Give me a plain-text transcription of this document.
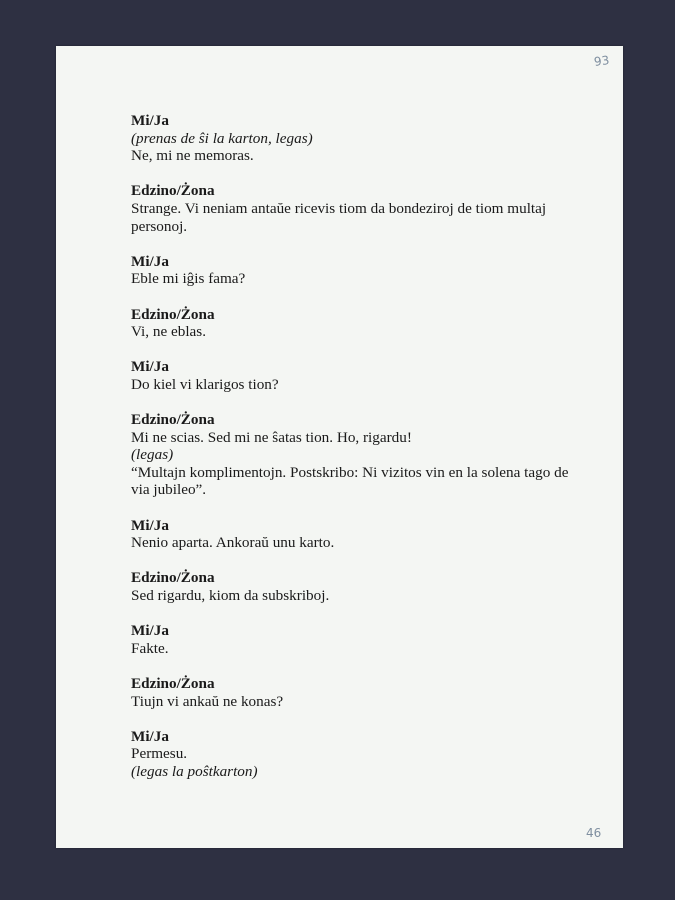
93
Mi/Ja
(prenas de ŝi la karton, legas)
Ne, mi ne memoras.
Edzino/Żona
Strange. Vi neniam antaŭe ricevis tiom da bondeziroj de tiom multaj personoj.
Mi/Ja
Eble mi iĝis fama?
Edzino/Żona
Vi, ne eblas.
Mi/Ja
Do kiel vi klarigos tion?
Edzino/Żona
Mi ne scias. Sed mi ne ŝatas tion. Ho, rigardu!
(legas)
“Multajn komplimentojn. Postskribo: Ni vizitos vin en la solena tago de via jubileo”.
Mi/Ja
Nenio aparta. Ankoraŭ unu karto.
Edzino/Żona
Sed rigardu, kiom da subskriboj.
Mi/Ja
Fakte.
Edzino/Żona
Tiujn vi ankaŭ ne konas?
Mi/Ja
Permesu.
(legas la poŝtkarton)
46
